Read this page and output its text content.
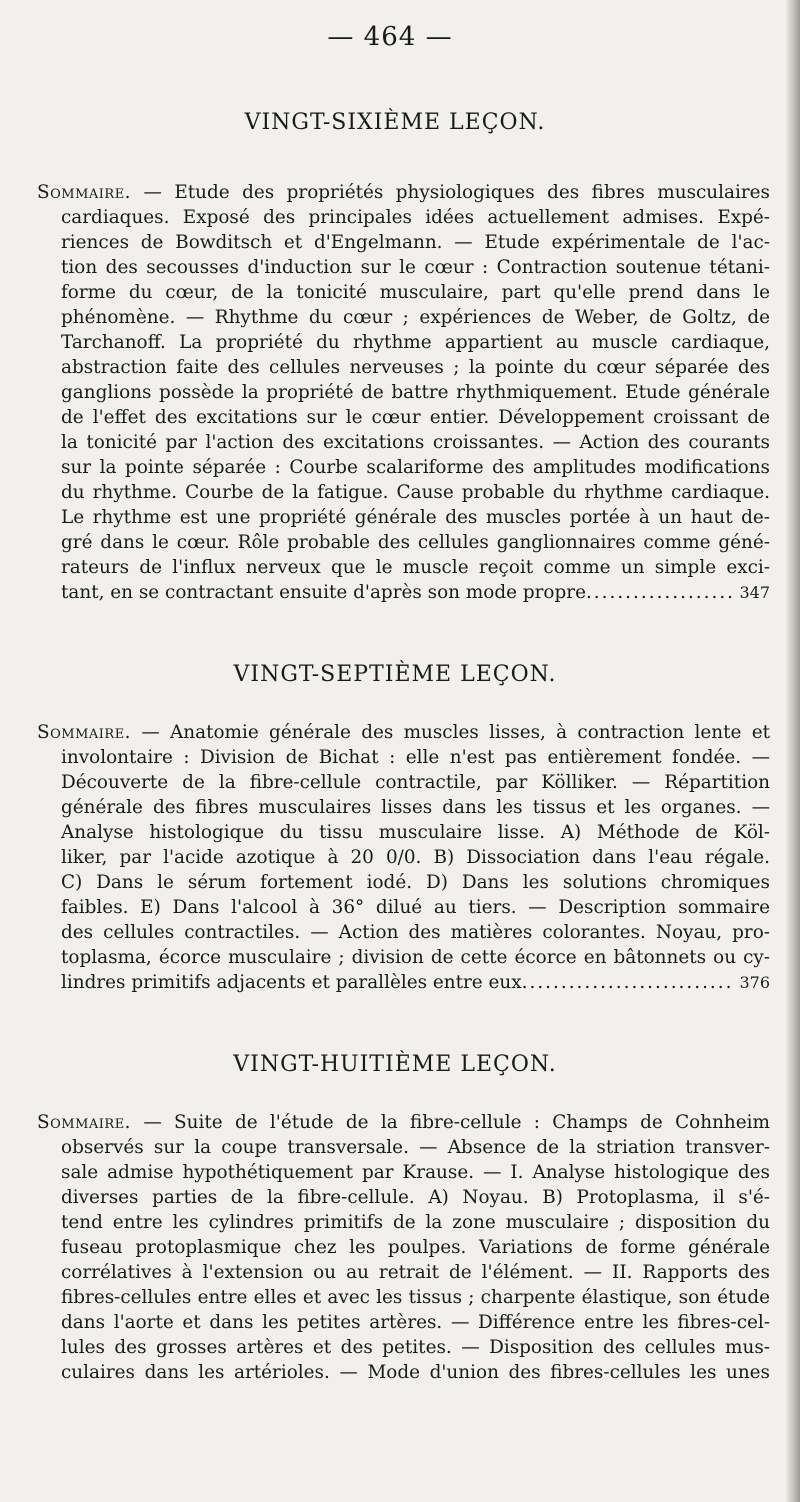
— 464 —
VINGT-SIXIÈME LEÇON.
Sommaire. — Etude des propriétés physiologiques des fibres musculaires
cardiaques. Exposé des principales idées actuellement admises. Expé-
riences de Bowditsch et d'Engelmann. — Etude expérimentale de l'ac-
tion des secousses d'induction sur le cœur : Contraction soutenue tétani-
forme du cœur, de la tonicité musculaire, part qu'elle prend dans le
phénomène. — Rhythme du cœur ; expériences de Weber, de Goltz, de
Tarchanoff. La propriété du rhythme appartient au muscle cardiaque,
abstraction faite des cellules nerveuses ; la pointe du cœur séparée des
ganglions possède la propriété de battre rhythmiquement. Etude générale
de l'effet des excitations sur le cœur entier. Développement croissant de
la tonicité par l'action des excitations croissantes. — Action des courants
sur la pointe séparée : Courbe scalariforme des amplitudes modifications
du rhythme. Courbe de la fatigue. Cause probable du rhythme cardiaque.
Le rhythme est une propriété générale des muscles portée à un haut de-
gré dans le cœur. Rôle probable des cellules ganglionnaires comme géné-
rateurs de l'influx nerveux que le muscle reçoit comme un simple exci-
tant, en se contractant ensuite d'après son mode propre .....	347
VINGT-SEPTIÈME LEÇON.
Sommaire. — Anatomie générale des muscles lisses, à contraction lente et
involontaire : Division de Bichat : elle n'est pas entièrement fondée. —
Découverte de la fibre-cellule contractile, par Kölliker. — Répartition
générale des fibres musculaires lisses dans les tissus et les organes. —
Analyse histologique du tissu musculaire lisse. A) Méthode de Köl-
liker, par l'acide azotique à 20 0/0. B) Dissociation dans l'eau régale.
C) Dans le sérum fortement iodé. D) Dans les solutions chromiques
faibles. E) Dans l'alcool à 36° dilué au tiers. — Description sommaire
des cellules contractiles. — Action des matières colorantes. Noyau, pro-
toplasma, écorce musculaire ; division de cette écorce en bâtonnets ou cy-
lindres primitifs adjacents et parallèles entre eux .....	376
VINGT-HUITIÈME LEÇON.
Sommaire. — Suite de l'étude de la fibre-cellule : Champs de Cohnheim
observés sur la coupe transversale. — Absence de la striation transver-
sale admise hypothétiquement par Krause. — I. Analyse histologique des
diverses parties de la fibre-cellule. A) Noyau. B) Protoplasma, il s'é-
tend entre les cylindres primitifs de la zone musculaire ; disposition du
fuseau protoplasmique chez les poulpes. Variations de forme générale
corrélatives à l'extension ou au retrait de l'élément. — II. Rapports des
fibres-cellules entre elles et avec les tissus ; charpente élastique, son étude
dans l'aorte et dans les petites artères. — Différence entre les fibres-cel-
lules des grosses artères et des petites. — Disposition des cellules mus-
culaires dans les artérioles. — Mode d'union des fibres-cellules les unes
